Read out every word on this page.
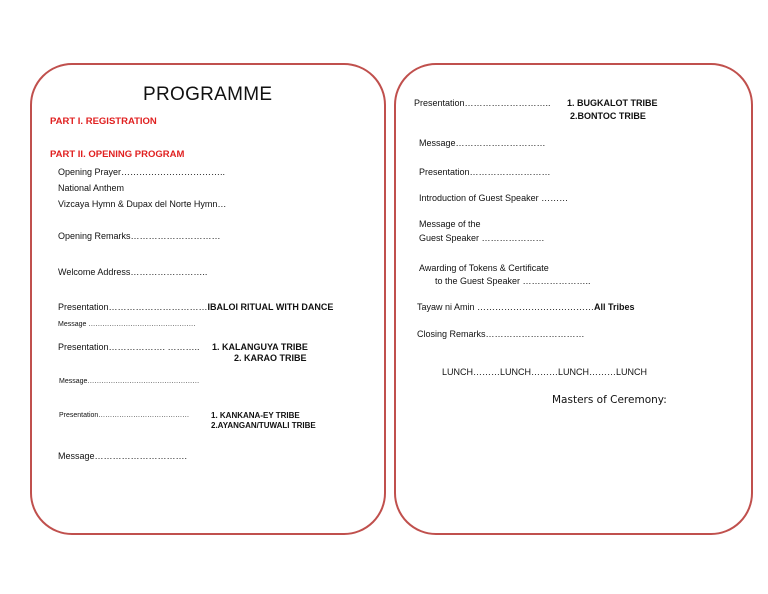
PROGRAMME
PART I. REGISTRATION
PART II. OPENING PROGRAM
Opening Prayer……………………………..
National Anthem
Vizcaya Hymn & Dupax del Norte Hymn…
Opening Remarks…………………………
Welcome Address……………………..
Presentation……………………………IBALOI RITUAL WITH DANCE
Message ……………………………………….
Presentation………………. ……….. 1. KALANGUYA TRIBE
2. KARAO TRIBE
Message…………………………………………
Presentation…………………………………	1. KANKANA-EY TRIBE
2.AYANGAN/TUWALI TRIBE
Message………………………….
Presentation……………………….. 1. BUGKALOT TRIBE
2.BONTOC TRIBE
Message…………………………
Presentation………………………
Introduction of Guest Speaker ………
Message of the
Guest Speaker …………………
Awarding of Tokens & Certificate
to the Guest Speaker …………………..
Tayaw ni Amin …………………………………All Tribes
Closing Remarks……………………………
LUNCH………LUNCH………LUNCH………LUNCH
Masters of Ceremony:
